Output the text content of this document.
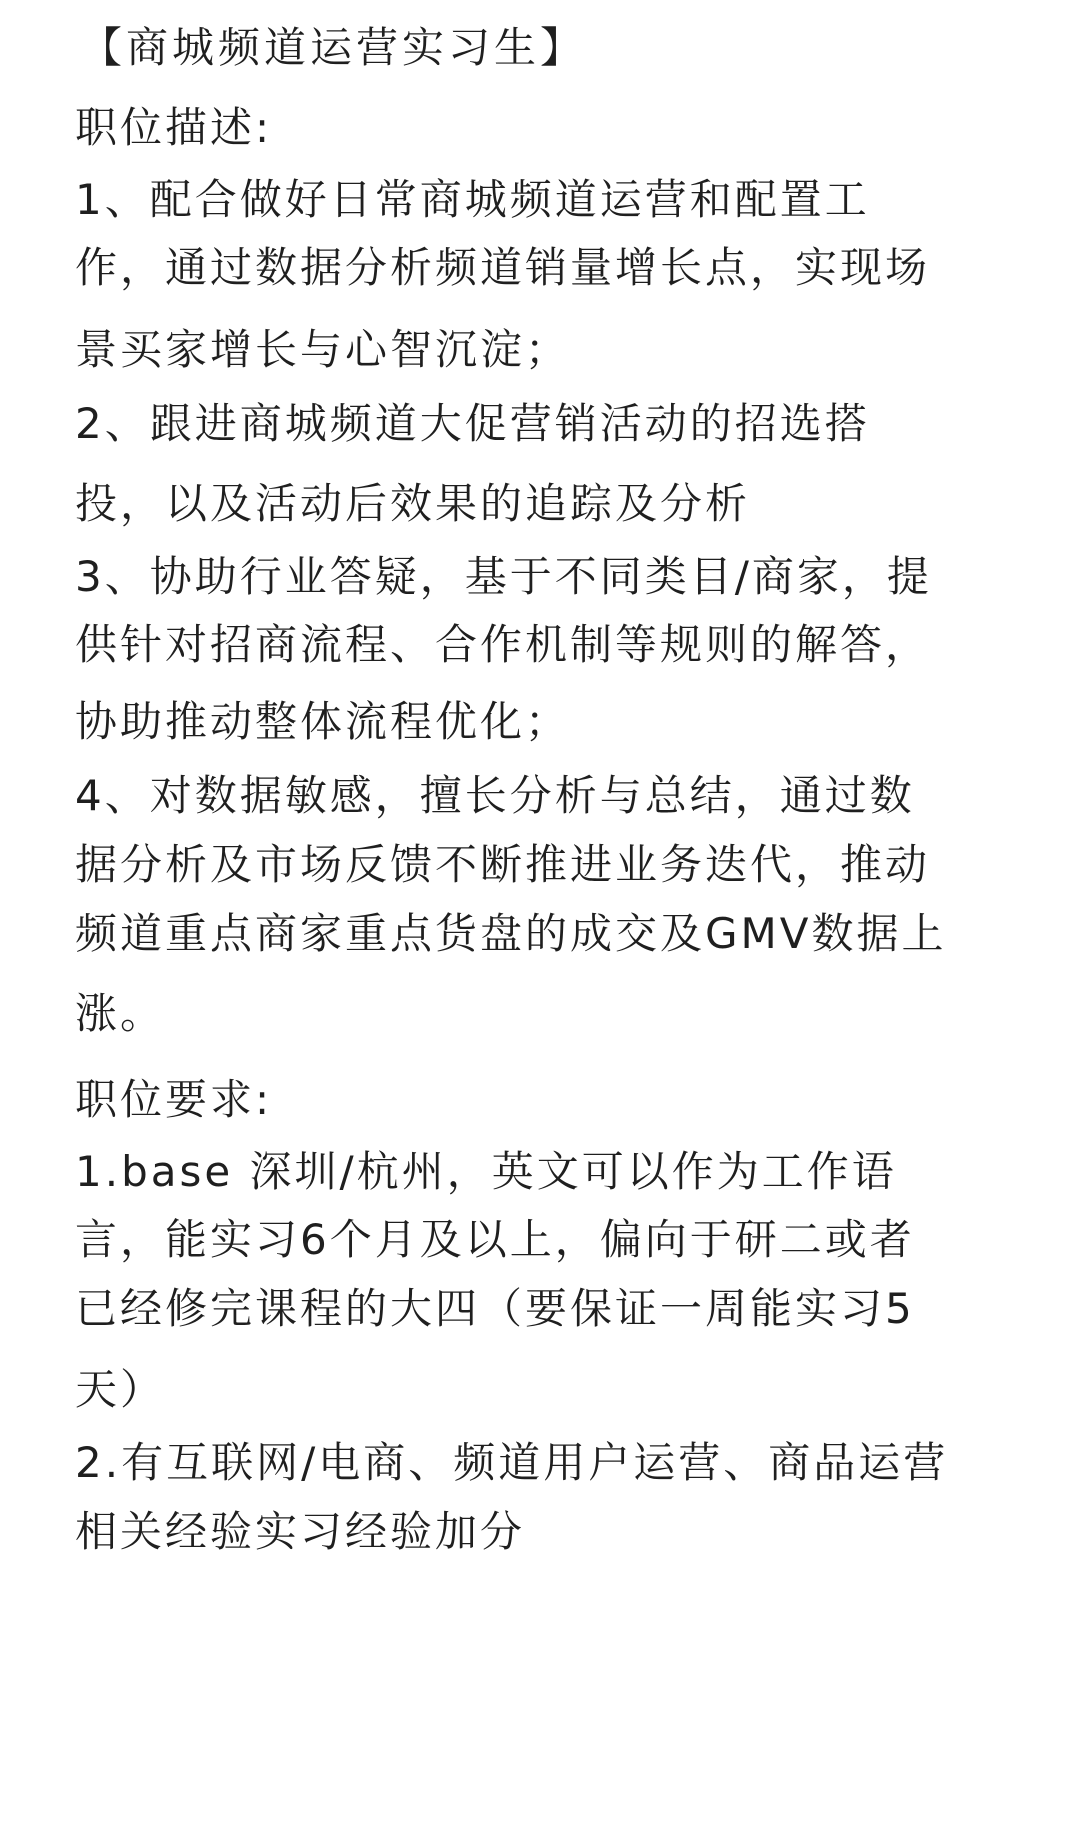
【商城频道运营实习生】
职位描述:
1、配合做好日常商城频道运营和配置工
作，通过数据分析频道销量增长点，实现场
景买家增长与心智沉淀；
2、跟进商城频道大促营销活动的招选搭
投，以及活动后效果的追踪及分析
3、协助行业答疑，基于不同类目/商家，提
供针对招商流程、合作机制等规则的解答，
协助推动整体流程优化；
4、对数据敏感，擅长分析与总结，通过数
据分析及市场反馈不断推进业务迭代，推动
频道重点商家重点货盘的成交及GMV数据上
涨。
职位要求:
1.base 深圳/杭州，英文可以作为工作语
言，能实习6个月及以上，偏向于研二或者
已经修完课程的大四（要保证一周能实习5
天）
2.有互联网/电商、频道用户运营、商品运营
相关经验实习经验加分
